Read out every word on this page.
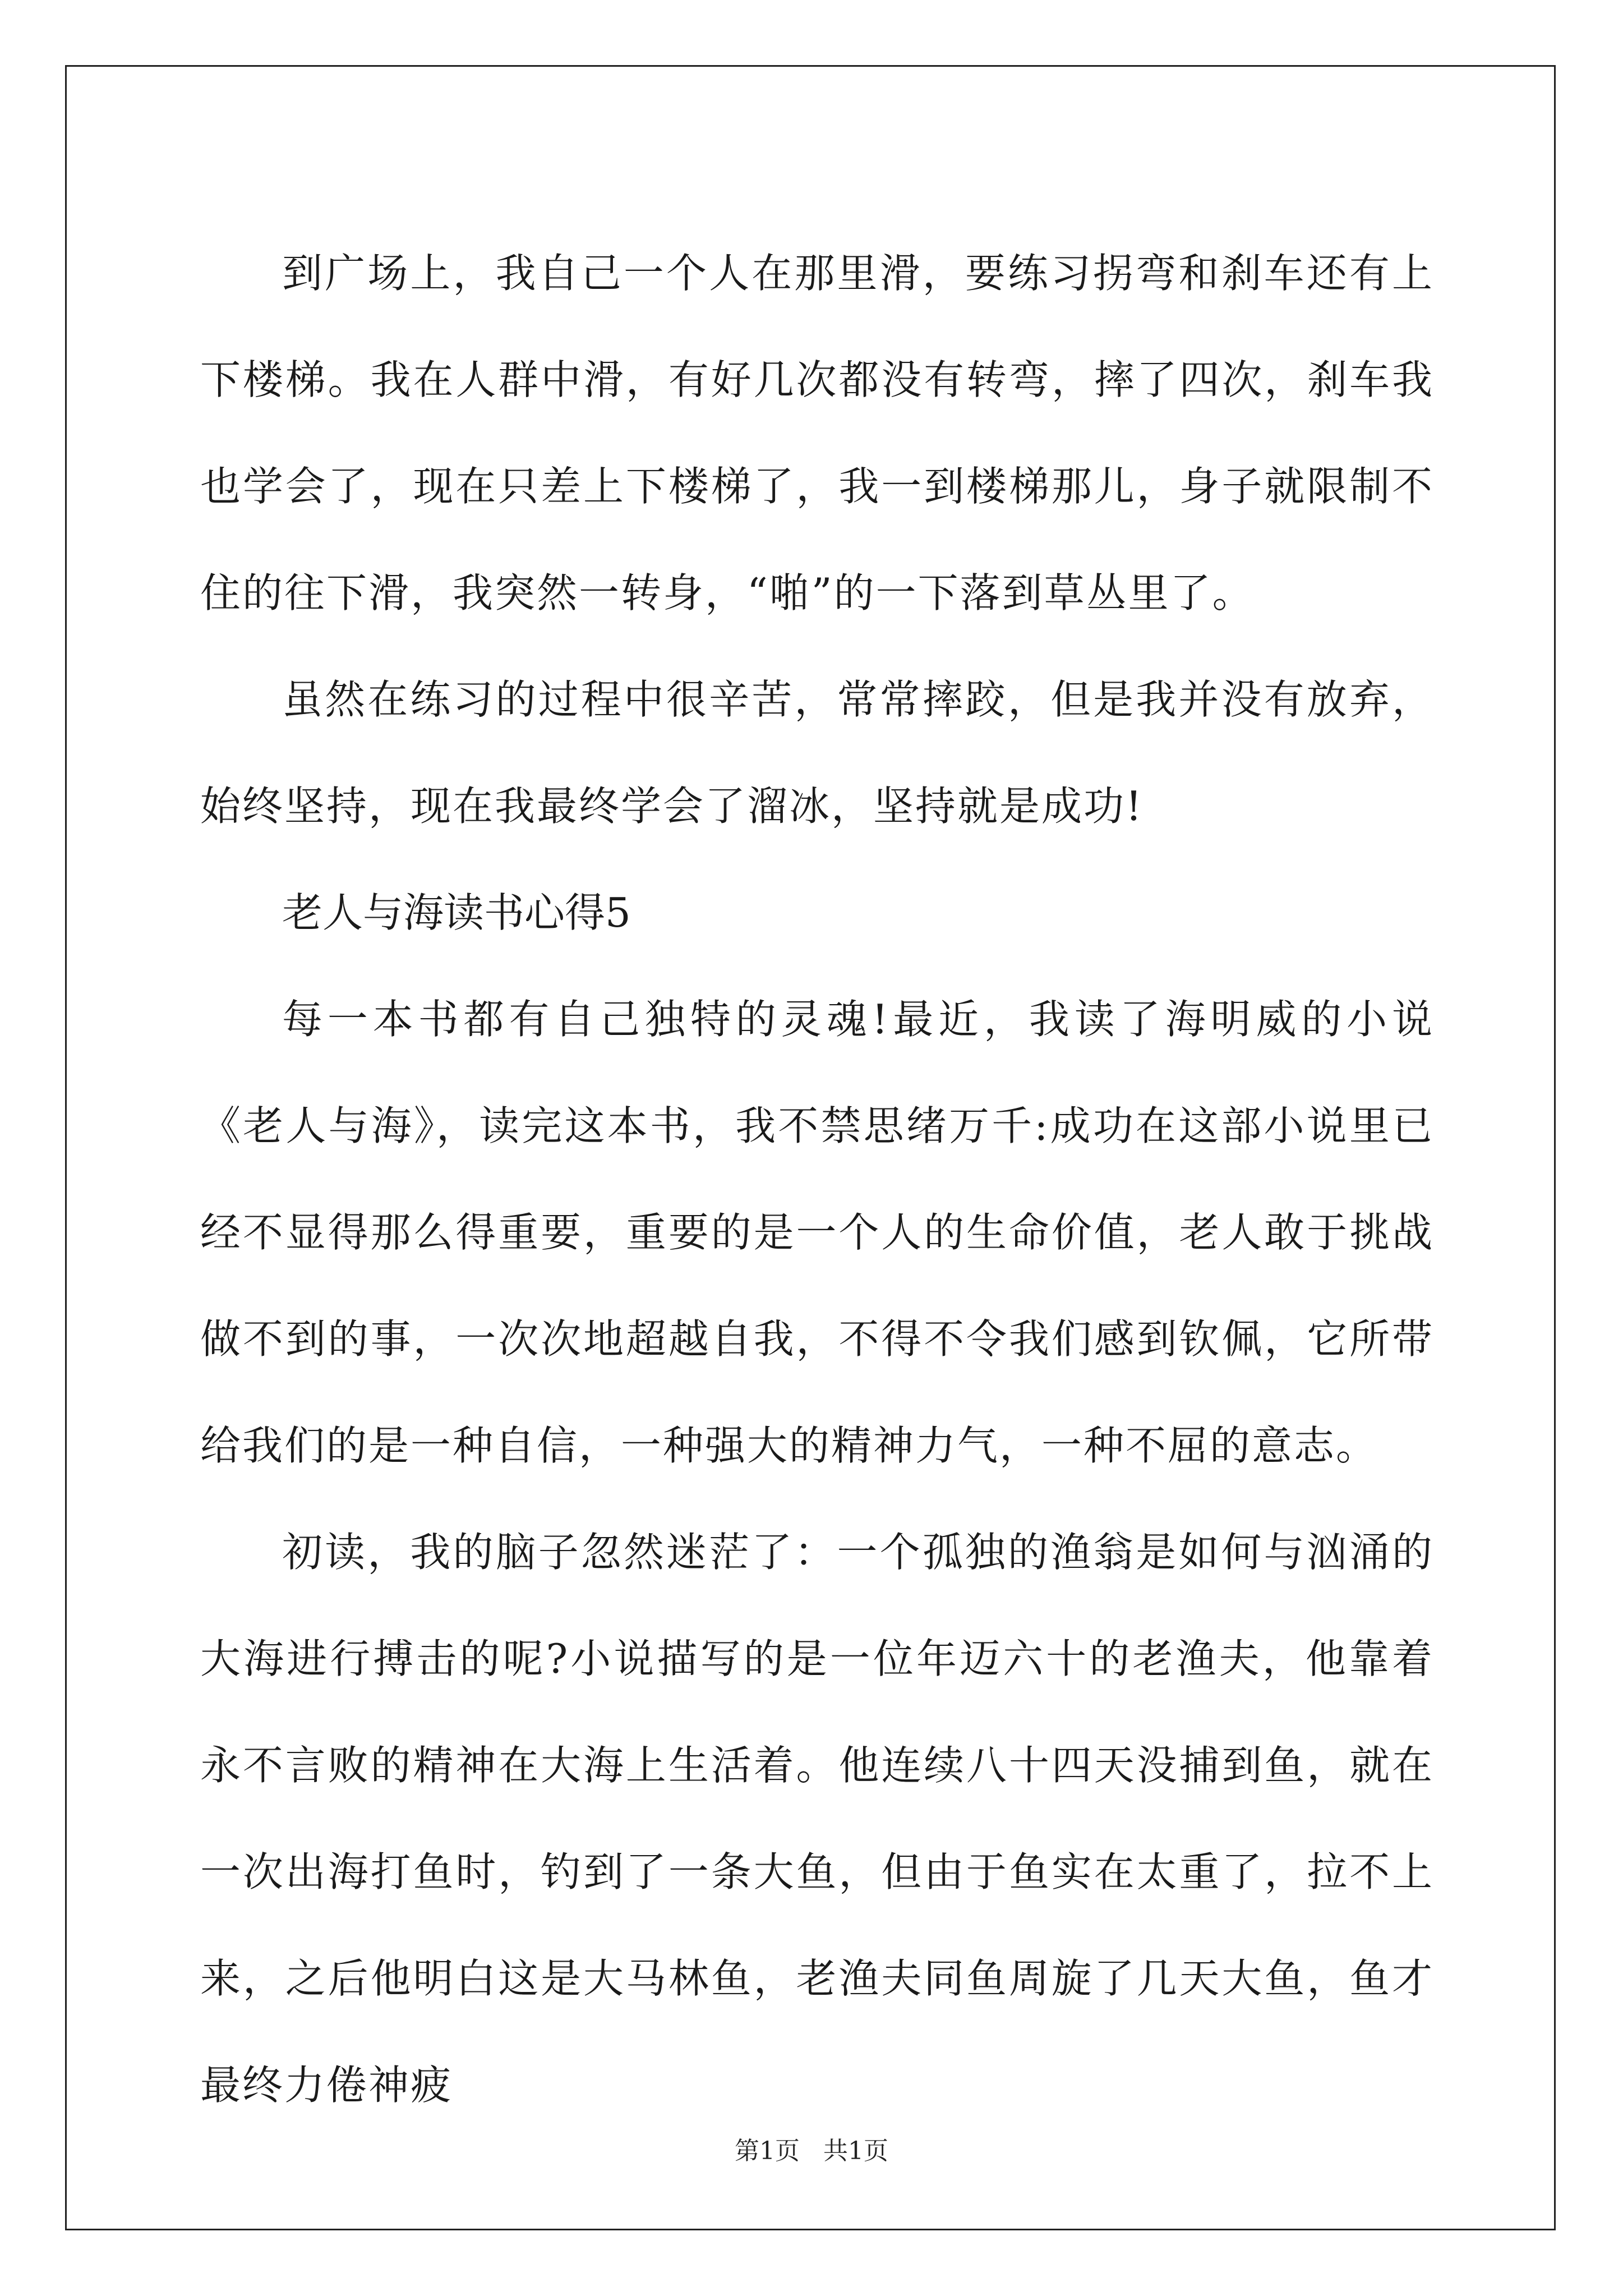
到广场上，我自己一个人在那里滑，要练习拐弯和刹车还有上下楼梯。我在人群中滑，有好几次都没有转弯，摔了四次，刹车我也学会了，现在只差上下楼梯了，我一到楼梯那儿，身子就限制不住的往下滑，我突然一转身，“啪”的一下落到草丛里了。

虽然在练习的过程中很辛苦，常常摔跤，但是我并没有放弃，始终坚持，现在我最终学会了溜冰，坚持就是成功!

老人与海读书心得5

每一本书都有自己独特的灵魂!最近，我读了海明威的小说《老人与海》，读完这本书，我不禁思绪万千:成功在这部小说里已经不显得那么得重要，重要的是一个人的生命价值，老人敢于挑战做不到的事，一次次地超越自我，不得不令我们感到钦佩，它所带给我们的是一种自信，一种强大的精神力气，一种不屈的意志。

初读，我的脑子忽然迷茫了：一个孤独的渔翁是如何与汹涌的大海进行搏击的呢?小说描写的是一位年迈六十的老渔夫，他靠着永不言败的精神在大海上生活着。他连续八十四天没捕到鱼，就在一次出海打鱼时，钓到了一条大鱼，但由于鱼实在太重了，拉不上来，之后他明白这是大马林鱼，老渔夫同鱼周旋了几天大鱼，鱼才最终力倦神疲

第1页 共1页
